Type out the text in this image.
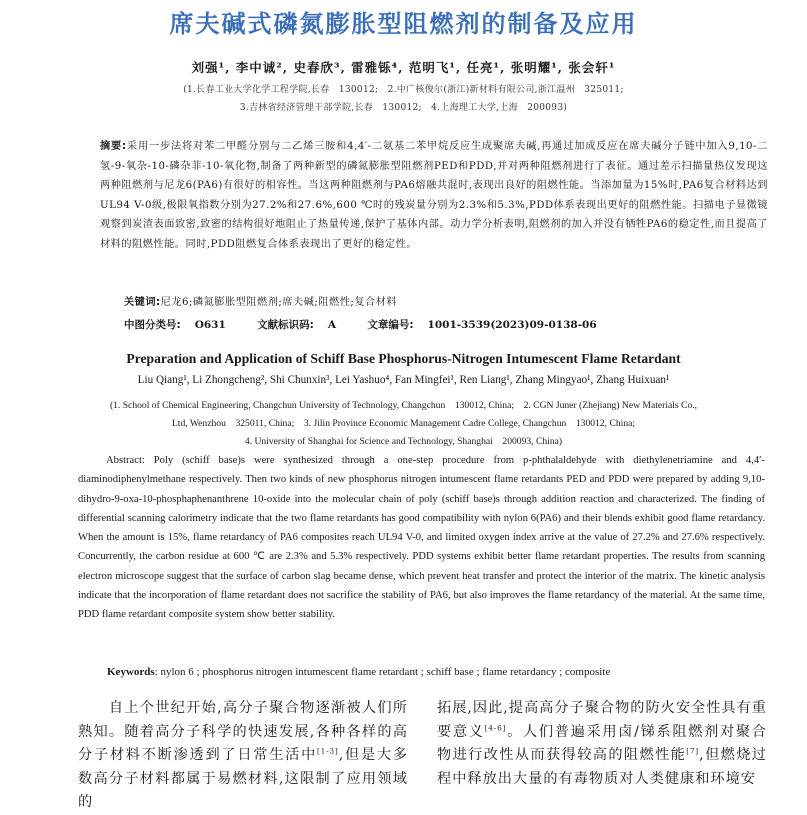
席夫碱式磷氮膨胀型阻燃剂的制备及应用
刘强¹, 李中诚², 史春欣³, 雷雅铄⁴, 范明飞¹, 任亮¹, 张明耀¹, 张会轩¹
(1.长春工业大学化学工程学院,长春　130012;　2.中广核俊尔(浙江)新材料有限公司,浙江温州　325011;
3.吉林省经济管理干部学院,长春　130012;　4.上海理工大学,上海　200093)
摘要:采用一步法将对苯二甲醛分别与二乙烯三胺和4,4′-二氨基二苯甲烷反应生成聚席夫碱,再通过加成反应在席夫碱分子链中加入9,10-二氢-9-氧杂-10-磷杂菲-10-氧化物,制备了两种新型的磷氮膨胀型阻燃剂PED和PDD,并对两种阻燃剂进行了表征。通过差示扫描量热仪发现这两种阻燃剂与尼龙6(PA6)有很好的相容性。当这两种阻燃剂与PA6熔融共混时,表现出良好的阻燃性能。当添加量为15%时,PA6复合材料达到UL94 V-0级,极限氧指数分别为27.2%和27.6%,600 ℃时的残炭量分别为2.3%和5.3%,PDD体系表现出更好的阻燃性能。扫描电子显微镜观察到炭渣表面致密,致密的结构很好地阻止了热量传递,保护了基体内部。动力学分析表明,阻燃剂的加入并没有牺牲PA6的稳定性,而且提高了材料的阻燃性能。同时,PDD阻燃复合体系表现出了更好的稳定性。
关键词:尼龙6;磷氮膨胀型阻燃剂;席夫碱;阻燃性;复合材料
中图分类号: O631	文献标识码: A	文章编号: 1001-3539(2023)09-0138-06
Preparation and Application of Schiff Base Phosphorus-Nitrogen Intumescent Flame Retardant
Liu Qiang¹, Li Zhongcheng², Shi Chunxin³, Lei Yashuo⁴, Fan Mingfei¹, Ren Liang¹, Zhang Mingyao¹, Zhang Huixuan¹
(1. School of Chemical Engineering, Changchun University of Technology, Changchun　130012, China;　2. CGN Juner (Zhejiang) New Materials Co.,
Ltd, Wenzhou　325011, China;　3. Jilin Province Economic Management Cadre College, Changchun　130012, China;
4. University of Shanghai for Science and Technology, Shanghai　200093, China)
Abstract: Poly (schiff base)s were synthesized through a one-step procedure from p-phthalaldehyde with diethylenetriamine and 4,4′-diaminodiphenylmethane respectively. Then two kinds of new phosphorus nitrogen intumescent flame retardants PED and PDD were prepared by adding 9,10-dihydro-9-oxa-10-phosphaphenanthrene 10-oxide into the molecular chain of poly (schiff base)s through addition reaction and characterized. The finding of differential scanning calorimetry indicate that the two flame retardants has good compatibility with nylon 6(PA6) and their blends exhibit good flame retardancy. When the amount is 15%, flame retardancy of PA6 composites reach UL94 V-0, and limited oxygen index arrive at the value of 27.2% and 27.6% respectively. Concurrently, the carbon residue at 600 ℃ are 2.3% and 5.3% respectively. PDD systems exhibit better flame retardant properties. The results from scanning electron microscope suggest that the surface of carbon slag became dense, which prevent heat transfer and protect the interior of the matrix. The kinetic analysis indicate that the incorporation of flame retardant does not sacrifice the stability of PA6, but also improves the flame retardancy of the material. At the same time, PDD flame retardant composite system show better stability.
Keywords: nylon 6 ; phosphorus nitrogen intumescent flame retardant ; schiff base ; flame retardancy ; composite
　　自上个世纪开始,高分子聚合物逐渐被人们所熟知。随着高分子科学的快速发展,各种各样的高分子材料不断渗透到了日常生活中[1-3],但是大多数高分子材料都属于易燃材料,这限制了应用领域的
拓展,因此,提高高分子聚合物的防火安全性具有重要意义[4-6]。人们普遍采用卤/锑系阻燃剂对聚合物进行改性从而获得较高的阻燃性能[7],但燃烧过程中释放出大量的有毒物质对人类健康和环境安
